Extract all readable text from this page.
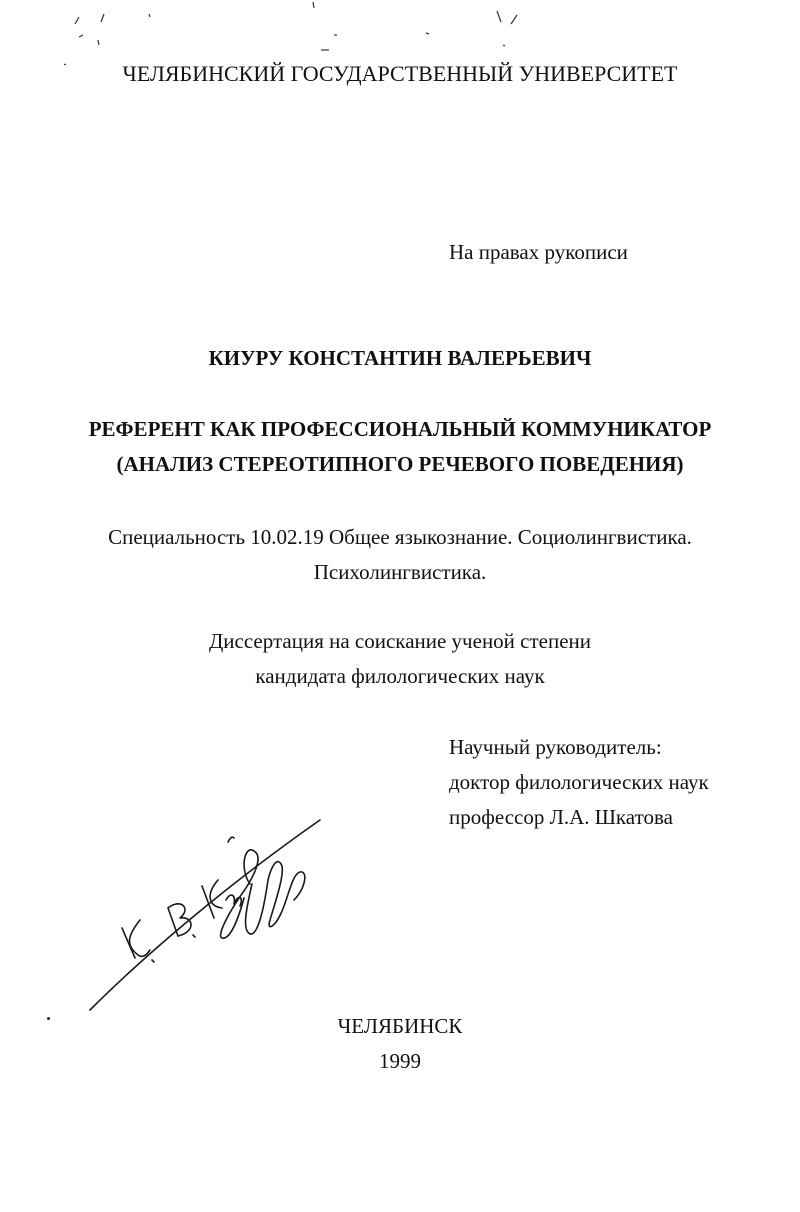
ЧЕЛЯБИНСКИЙ ГОСУДАРСТВЕННЫЙ УНИВЕРСИТЕТ
На правах рукописи
КИУРУ КОНСТАНТИН ВАЛЕРЬЕВИЧ
РЕФЕРЕНТ КАК ПРОФЕССИОНАЛЬНЫЙ КОММУНИКАТОР
(АНАЛИЗ СТЕРЕОТИПНОГО РЕЧЕВОГО ПОВЕДЕНИЯ)
Специальность 10.02.19 Общее языкознание. Социолингвистика.
Психолингвистика.
Диссертация на соискание ученой степени
кандидата филологических наук
Научный руководитель:
доктор филологических наук
профессор Л.А. Шкатова
ЧЕЛЯБИНСК
1999
